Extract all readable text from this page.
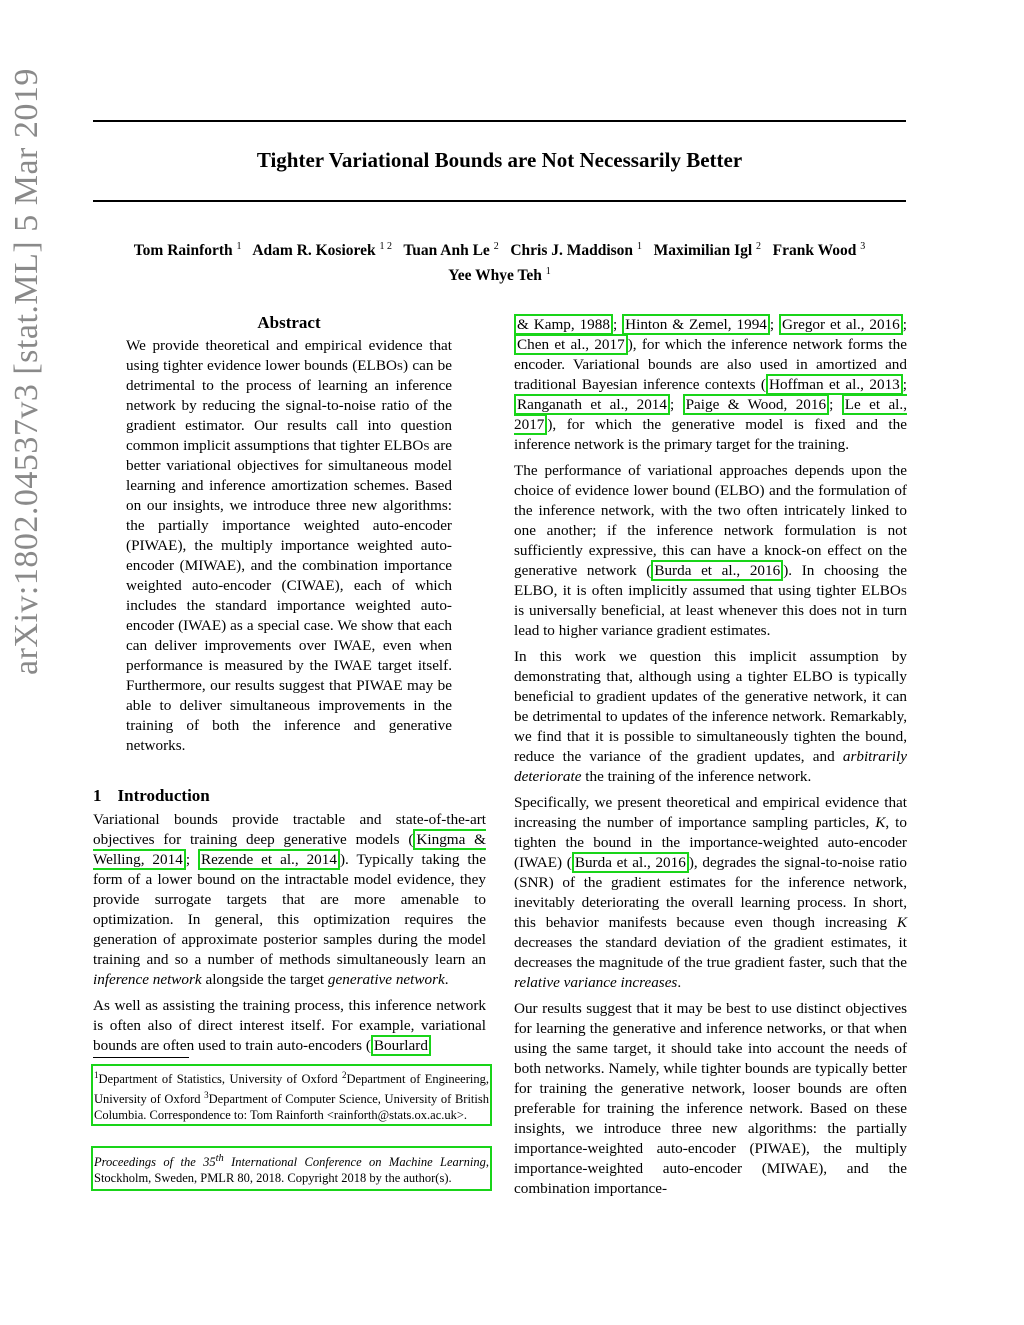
Tighter Variational Bounds are Not Necessarily Better
Tom Rainforth $^1$ Adam R. Kosiorek $^{1 2}$ Tuan Anh Le $^2$ Chris J. Maddison $^1$ Maximilian Igl $^2$ Frank Wood $^3$
Yee Whye Teh $^1$
arXiv:1802.04537v3 [stat.ML] 5 Mar 2019	Abstract
We provide theoretical and empirical evidence that using tighter evidence lower bounds (ELBOs) can be detrimental to the process of learning an inference network by reducing the signal-to-noise ratio of the gradient estimator. Our results call into question common implicit assumptions that tighter ELBOs are better variational objectives for simultaneous model learning and inference amortization schemes. Based on our insights, we introduce three new algorithms: the partially importance weighted auto-encoder (PIWAE), the multiply importance weighted auto-encoder (MIWAE), and the combination importance weighted auto-encoder (CIWAE), each of which includes the standard importance weighted auto-encoder (IWAE) as a special case. We show that each can deliver improvements over IWAE, even when performance is measured by the IWAE target itself. Furthermore, our results suggest that PIWAE may be able to deliver simultaneous improvements in the training of both the inference and generative networks.
1 Introduction

Variational bounds provide tractable and state-of-the-art objectives for training deep generative models ( Kingma & Welling, 2014 ; Rezende et al., 2014 ). Typically taking the form of a lower bound on the intractable model evidence, they provide surrogate targets that are more amenable to optimization. In general, this optimization requires the generation of approximate posterior samples during the model training and so a number of methods simultaneously learn an inference network alongside the target generative network.

As well as assisting the training process, this inference network is often also of direct interest itself. For example, variational bounds are often used to train auto-encoders ( Bourlard

$^1$Department of Statistics, University of Oxford $^2$Department of Engineering, University of Oxford $^3$Department of Computer Science, University of British Columbia. Correspondence to: Tom Rainforth <rainforth@stats.ox.ac.uk>.
Proceedings of the 35th International Conference on Machine Learning, Stockholm, Sweden, PMLR 80, 2018. Copyright 2018 by the author(s).

& Kamp, 1988 ; Hinton & Zemel, 1994 ; Gregor et al., 2016 ; Chen et al., 2017 ), for which the inference network forms the encoder. Variational bounds are also used in amortized and traditional Bayesian inference contexts ( Hoffman et al., 2013 ; Ranganath et al., 2014 ; Paige & Wood, 2016 ; Le et al., 2017 ), for which the generative model is fixed and the inference network is the primary target for the training.

The performance of variational approaches depends upon the choice of evidence lower bound (ELBO) and the formulation of the inference network, with the two often intricately linked to one another; if the inference network formulation is not sufficiently expressive, this can have a knock-on effect on the generative network ( Burda et al., 2016 ). In choosing the ELBO, it is often implicitly assumed that using tighter ELBOs is universally beneficial, at least whenever this does not in turn lead to higher variance gradient estimates.

In this work we question this implicit assumption by demonstrating that, although using a tighter ELBO is typically beneficial to gradient updates of the generative network, it can be detrimental to updates of the inference network. Remarkably, we find that it is possible to simultaneously tighten the bound, reduce the variance of the gradient updates, and arbitrarily deteriorate the training of the inference network.

Specifically, we present theoretical and empirical evidence that increasing the number of importance sampling particles, K, to tighten the bound in the importance-weighted auto-encoder (IWAE) ( Burda et al., 2016 ), degrades the signal-to-noise ratio (SNR) of the gradient estimates for the inference network, inevitably deteriorating the overall learning process. In short, this behavior manifests because even though increasing K decreases the standard deviation of the gradient estimates, it decreases the magnitude of the true gradient faster, such that the relative variance increases.

Our results suggest that it may be best to use distinct objectives for learning the generative and inference networks, or that when using the same target, it should take into account the needs of both networks. Namely, while tighter bounds are typically better for training the generative network, looser bounds are often preferable for training the inference network. Based on these insights, we introduce three new algorithms: the partially importance-weighted auto-encoder (PIWAE), the multiply importance-weighted auto-encoder (MIWAE), and the combination importance-
